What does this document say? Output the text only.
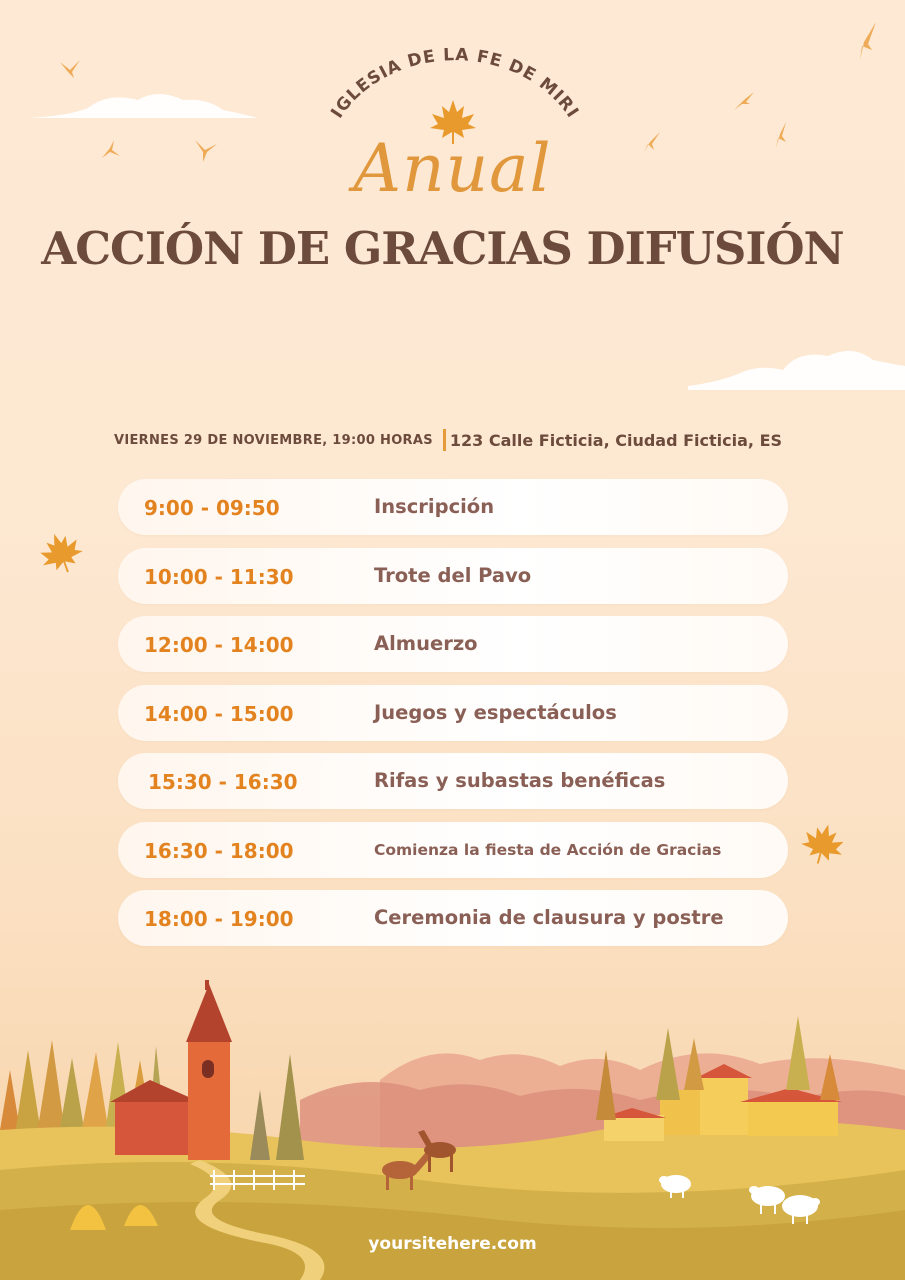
IGLESIA DE LA FE DE MIRI
Anual
ACCIÓN DE GRACIAS DIFUSIÓN
VIERNES 29 DE NOVIEMBRE, 19:00 HORAS 123 Calle Ficticia, Ciudad Ficticia, ES
9:00 - 09:50	Inscripción
10:00 - 11:30	Trote del Pavo
12:00 - 14:00	Almuerzo
14:00 - 15:00	Juegos y espectáculos
15:30 - 16:30	Rifas y subastas benéficas
16:30 - 18:00	Comienza la fiesta de Acción de Gracias
18:00 - 19:00	Ceremonia de clausura y postre
yoursitehere.com
